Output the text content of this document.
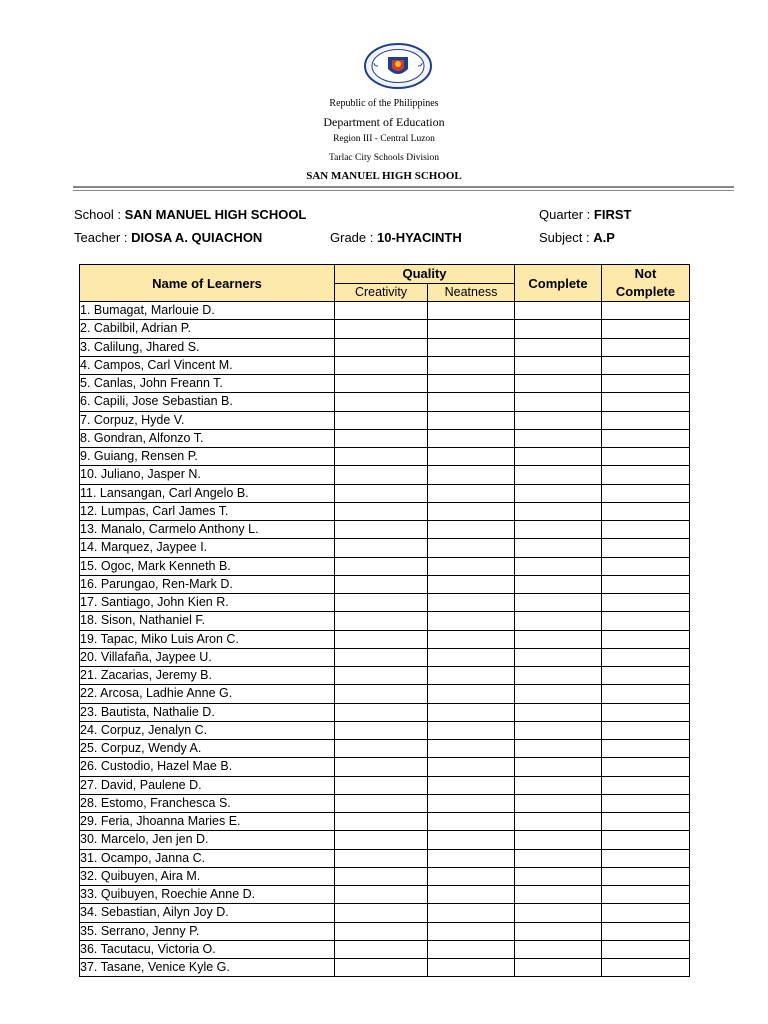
Republic of the Philippines
Department of Education
Region III - Central Luzon
Tarlac City Schools Division
SAN MANUEL HIGH SCHOOL
School : SAN MANUEL HIGH SCHOOL	Quarter : FIRST
Teacher : DIOSA A. QUIACHON	Grade : 10-HYACINTH	Subject : A.P
Name of Learners	Quality		Complete	Not
Complete
	Creativity	Neatness		
1. Bumagat, Marlouie D.				
2. Cabilbil, Adrian P.				
3. Calilung, Jhared S.				
4. Campos, Carl Vincent M.				
5. Canlas, John Freann T.				
6. Capili, Jose Sebastian B.				
7. Corpuz, Hyde V.				
8. Gondran, Alfonzo T.				
9. Guiang, Rensen P.				
10. Juliano, Jasper N.				
11. Lansangan, Carl Angelo B.				
12. Lumpas, Carl James T.				
13. Manalo, Carmelo Anthony L.				
14. Marquez, Jaypee I.				
15. Ogoc, Mark Kenneth B.				
16. Parungao, Ren-Mark D.				
17. Santiago, John Kien R.				
18. Sison, Nathaniel F.				
19. Tapac, Miko Luis Aron C.				
20. Villafaña, Jaypee U.				
21. Zacarias, Jeremy B.				
22. Arcosa, Ladhie Anne G.				
23. Bautista, Nathalie D.				
24. Corpuz, Jenalyn C.				
25. Corpuz, Wendy A.				
26. Custodio, Hazel Mae B.				
27. David, Paulene D.				
28. Estomo, Franchesca S.				
29. Feria, Jhoanna Maries E.				
30. Marcelo, Jen jen D.				
31. Ocampo, Janna C.				
32. Quibuyen, Aira M.				
33. Quibuyen, Roechie Anne D.				
34. Sebastian, Ailyn Joy D.				
35. Serrano, Jenny P.				
36. Tacutacu, Victoria O.				
37. Tasane, Venice Kyle G.				
